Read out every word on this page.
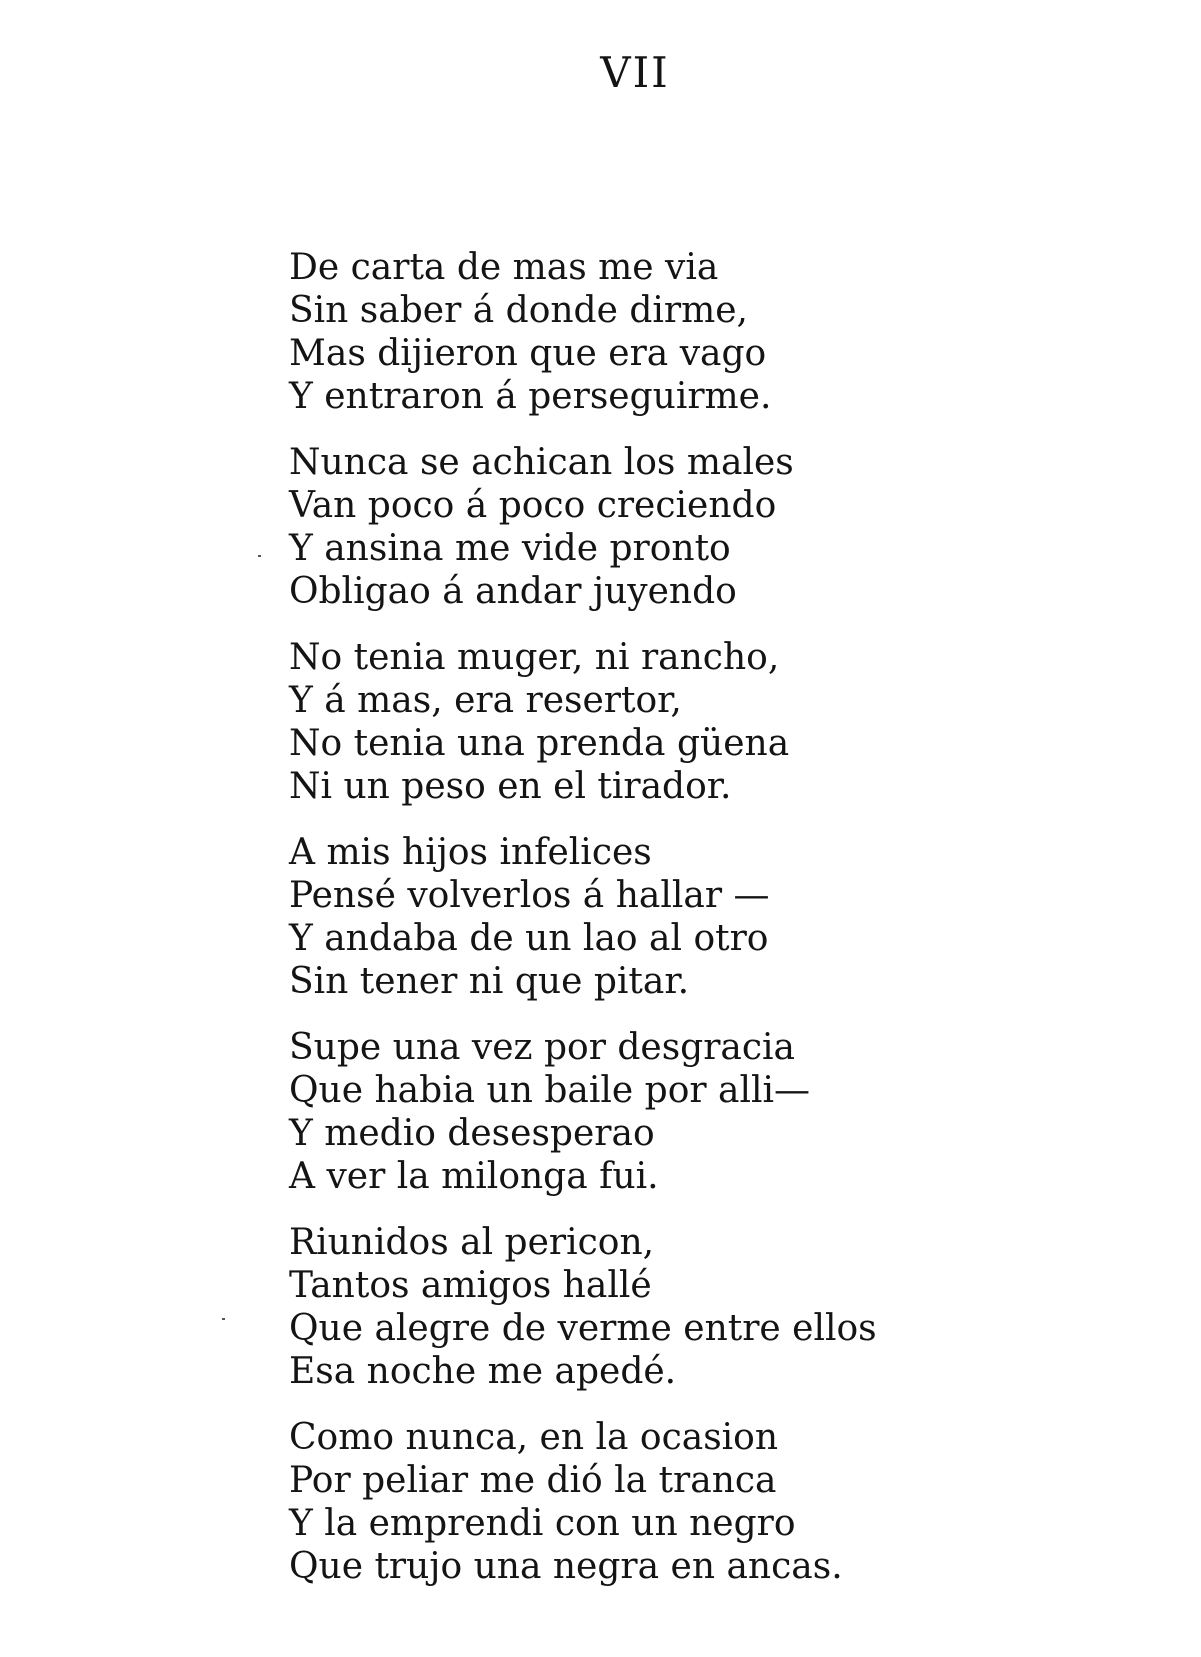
VII
De carta de mas me via
Sin saber á donde dirme,
Mas dijieron que era vago
Y entraron á perseguirme.
Nunca se achican los males
Van poco á poco creciendo
Y ansina me vide pronto
Obligao á andar juyendo
No tenia muger, ni rancho,
Y á mas, era resertor,
No tenia una prenda güena
Ni un peso en el tirador.
A mis hijos infelices
Pensé volverlos á hallar —
Y andaba de un lao al otro
Sin tener ni que pitar.
Supe una vez por desgracia
Que habia un baile por alli—
Y medio desesperao
A ver la milonga fui.
Riunidos al pericon,
Tantos amigos hallé
Que alegre de verme entre ellos
Esa noche me apedé.
Como nunca, en la ocasion
Por peliar me dió la tranca
Y la emprendi con un negro
Que trujo una negra en ancas.
